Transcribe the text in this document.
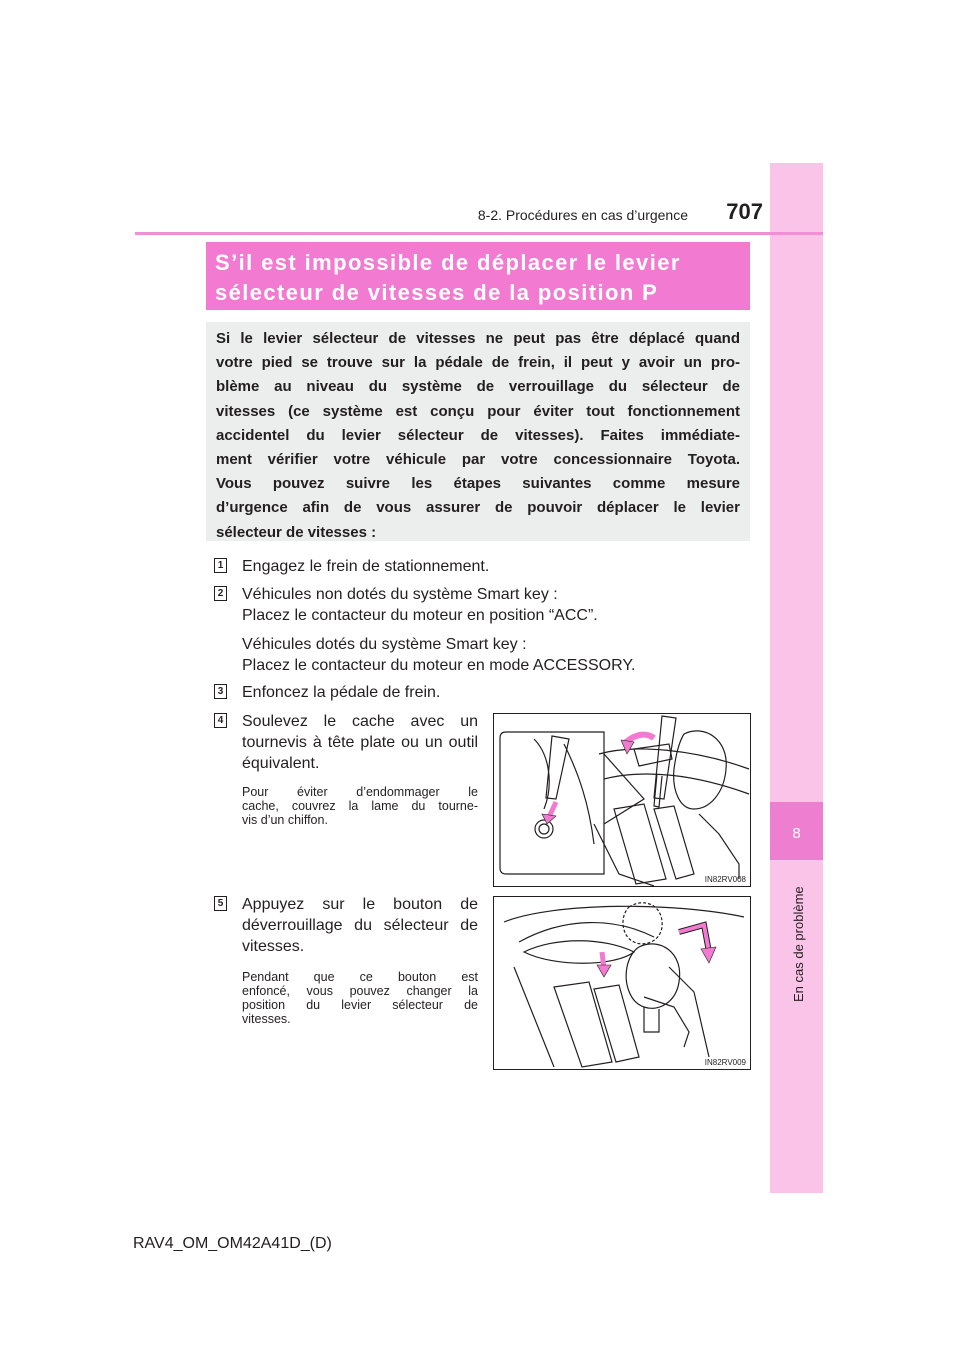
8
En cas de problème
8-2. Procédures en cas d’urgence	707
S’il est impossible de déplacer le levier
sélecteur de vitesses de la position P
Si le levier sélecteur de vitesses ne peut pas être déplacé quand
votre pied se trouve sur la pédale de frein, il peut y avoir un pro-
blème au niveau du système de verrouillage du sélecteur de
vitesses (ce système est conçu pour éviter tout fonctionnement
accidentel du levier sélecteur de vitesses). Faites immédiate-
ment vérifier votre véhicule par votre concessionnaire Toyota.
Vous pouvez suivre les étapes suivantes comme mesure
d’urgence afin de vous assurer de pouvoir déplacer le levier
sélecteur de vitesses :
1 Engagez le frein de stationnement.
2 Véhicules non dotés du système Smart key :
Placez le contacteur du moteur en position “ACC”.
Véhicules dotés du système Smart key :
Placez le contacteur du moteur en mode ACCESSORY.
3 Enfoncez la pédale de frein.
4 Soulevez le cache avec un
tournevis à tête plate ou un outil
équivalent.
Pour éviter d’endommager le
cache, couvrez la lame du tourne-
vis d’un chiffon.
IN82RV008
5 Appuyez sur le bouton de
déverrouillage du sélecteur de
vitesses.
Pendant que ce bouton est
enfoncé, vous pouvez changer la
position du levier sélecteur de
vitesses.
IN82RV009
RAV4_OM_OM42A41D_(D)
